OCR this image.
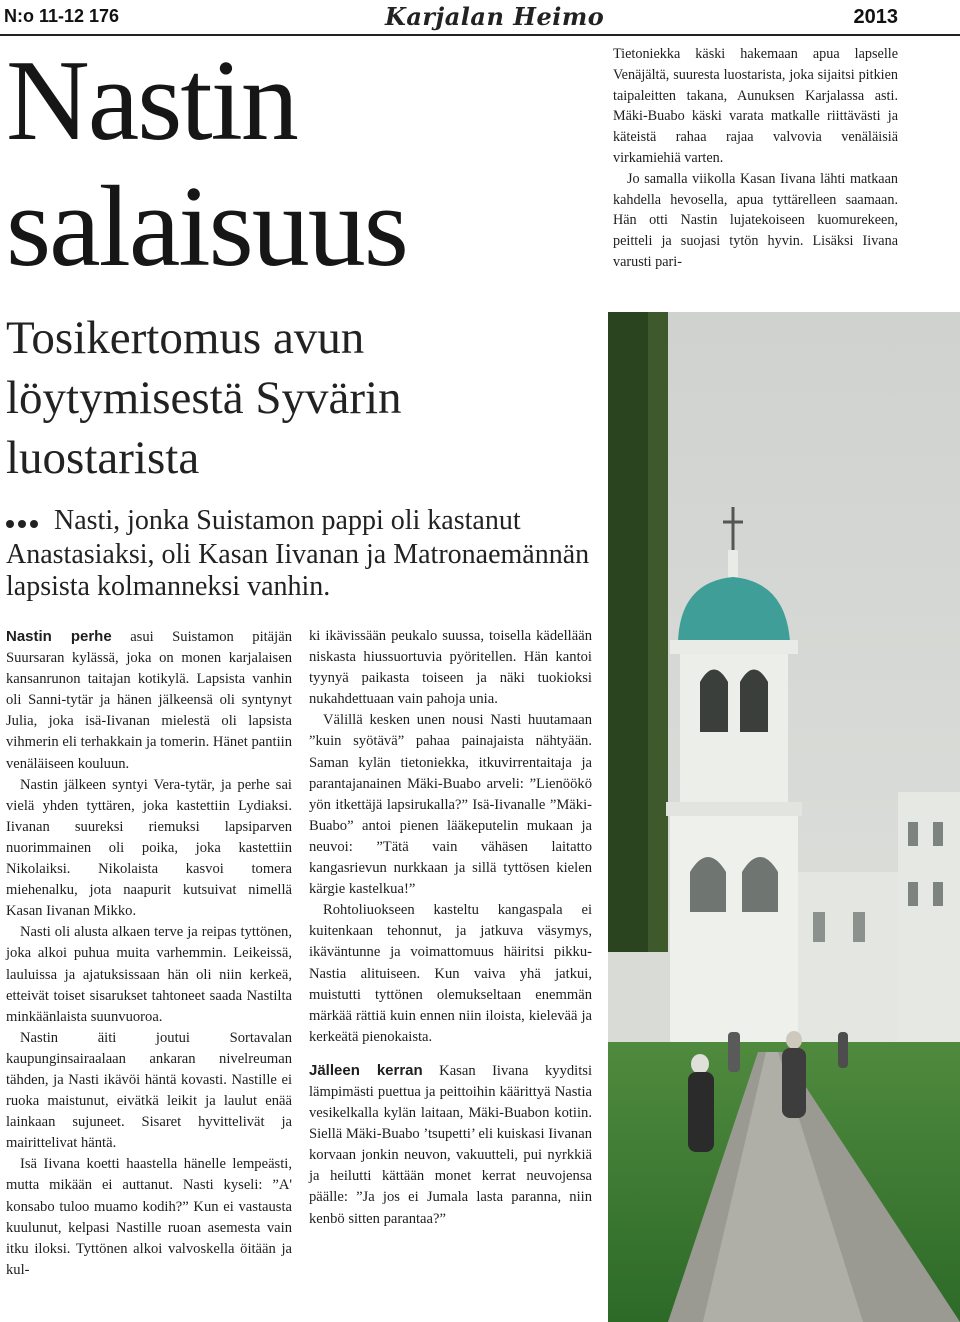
N:o 11-12 176	Karjalan Heimo	2013
Nastin
salaisuus
Tosikertomus avun
löytymisestä Syvärin
luostarista
Nasti, jonka Suistamon pappi oli kastanut Anastasiaksi, oli Kasan Iivanan ja Matronaemännän lapsista kolmanneksi vanhin.

Nastin perhe asui Suistamon pitäjän Suursaran kylässä, joka on monen karjalaisen kansanrunon taitajan kotikylä. Lapsista vanhin oli Sanni-tytär ja hänen jälkeensä oli syntynyt Julia, joka isä-Iivanan mielestä oli lapsista vihmerin eli terhakkain ja tomerin. Hänet pantiin venäläiseen kouluun.

Nastin jälkeen syntyi Vera-tytär, ja perhe sai vielä yhden tyttären, joka kastettiin Lydiaksi. Iivanan suureksi riemuksi lapsiparven nuorimmainen oli poika, joka kastettiin Nikolaiksi. Nikolaista kasvoi tomera miehenalku, jota naapurit kutsuivat nimellä Kasan Iivanan Mikko.

Nasti oli alusta alkaen terve ja reipas tyttönen, joka alkoi puhua muita varhemmin. Leikeissä, lauluissa ja ajatuksissaan hän oli niin kerkeä, etteivät toiset sisarukset tahtoneet saada Nastilta minkäänlaista suunvuoroa.

Nastin äiti joutui Sortavalan kaupunginsairaalaan ankaran nivelreuman tähden, ja Nasti ikävöi häntä kovasti. Nastille ei ruoka maistunut, eivätkä leikit ja laulut enää lainkaan sujuneet. Sisaret hyvittelivät ja mairittelivat häntä.

Isä Iivana koetti haastella hänelle lempeästi, mutta mikään ei auttanut. Nasti kyseli: ”A' konsabo tuloo muamo kodih?” Kun ei vastausta kuulunut, kelpasi Nastille ruoan asemesta vain itku iloksi. Tyttönen alkoi valvoskella öitään ja kul-

ki ikävissään peukalo suussa, toisella kädellään niskasta hiussuortuvia pyöritellen. Hän kantoi tyynyä paikasta toiseen ja näki tuokioksi nukahdettuaan vain pahoja unia.

Välillä kesken unen nousi Nasti huutamaan ”kuin syötävä” pahaa painajaista nähtyään. Saman kylän tietoniekka, itkuvirrentaitaja ja parantajanainen Mäki-Buabo arveli: ”Lienöökö yön itkettäjä lapsirukalla?” Isä-Iivanalle ”Mäki-Buabo” antoi pienen lääkeputelin mukaan ja neuvoi: ”Tätä vain vähäsen laitatto kangasrievun nurkkaan ja sillä tyttösen kielen kärgie kastelkua!”

Rohtoliuokseen kasteltu kangaspala ei kuitenkaan tehonnut, ja jatkuva väsymys, ikäväntunne ja voimattomuus häiritsi pikku-Nastia alituiseen. Kun vaiva yhä jatkui, muistutti tyttönen olemukseltaan enemmän märkää rättiä kuin ennen niin iloista, kielevää ja kerkeätä pienokaista.

Jälleen kerran Kasan Iivana kyyditsi lämpimästi puettua ja peittoihin käärittyä Nastia vesikelkalla kylän laitaan, Mäki-Buabon kotiin. Siellä Mäki-Buabo ’tsupetti’ eli kuiskasi Iivanan korvaan jonkin neuvon, vakuutteli, pui nyrkkiä ja heilutti kättään monet kerrat neuvojensa päälle: ”Ja jos ei Jumala lasta paranna, niin kenbö sitten parantaa?”

Tietoniekka käski hakemaan apua lapselle Venäjältä, suuresta luostarista, joka sijaitsi pitkien taipaleitten takana, Aunuksen Karjalassa asti. Mäki-Buabo käski varata matkalle riittävästi ja käteistä rahaa rajaa valvovia venäläisiä virkamiehiä varten.

Jo samalla viikolla Kasan Iivana lähti matkaan kahdella hevosella, apua tyttärelleen saamaan. Hän otti Nastin lujatekoiseen kuomurekeen, peitteli ja suojasi tytön hyvin. Lisäksi Iivana varusti pari-
